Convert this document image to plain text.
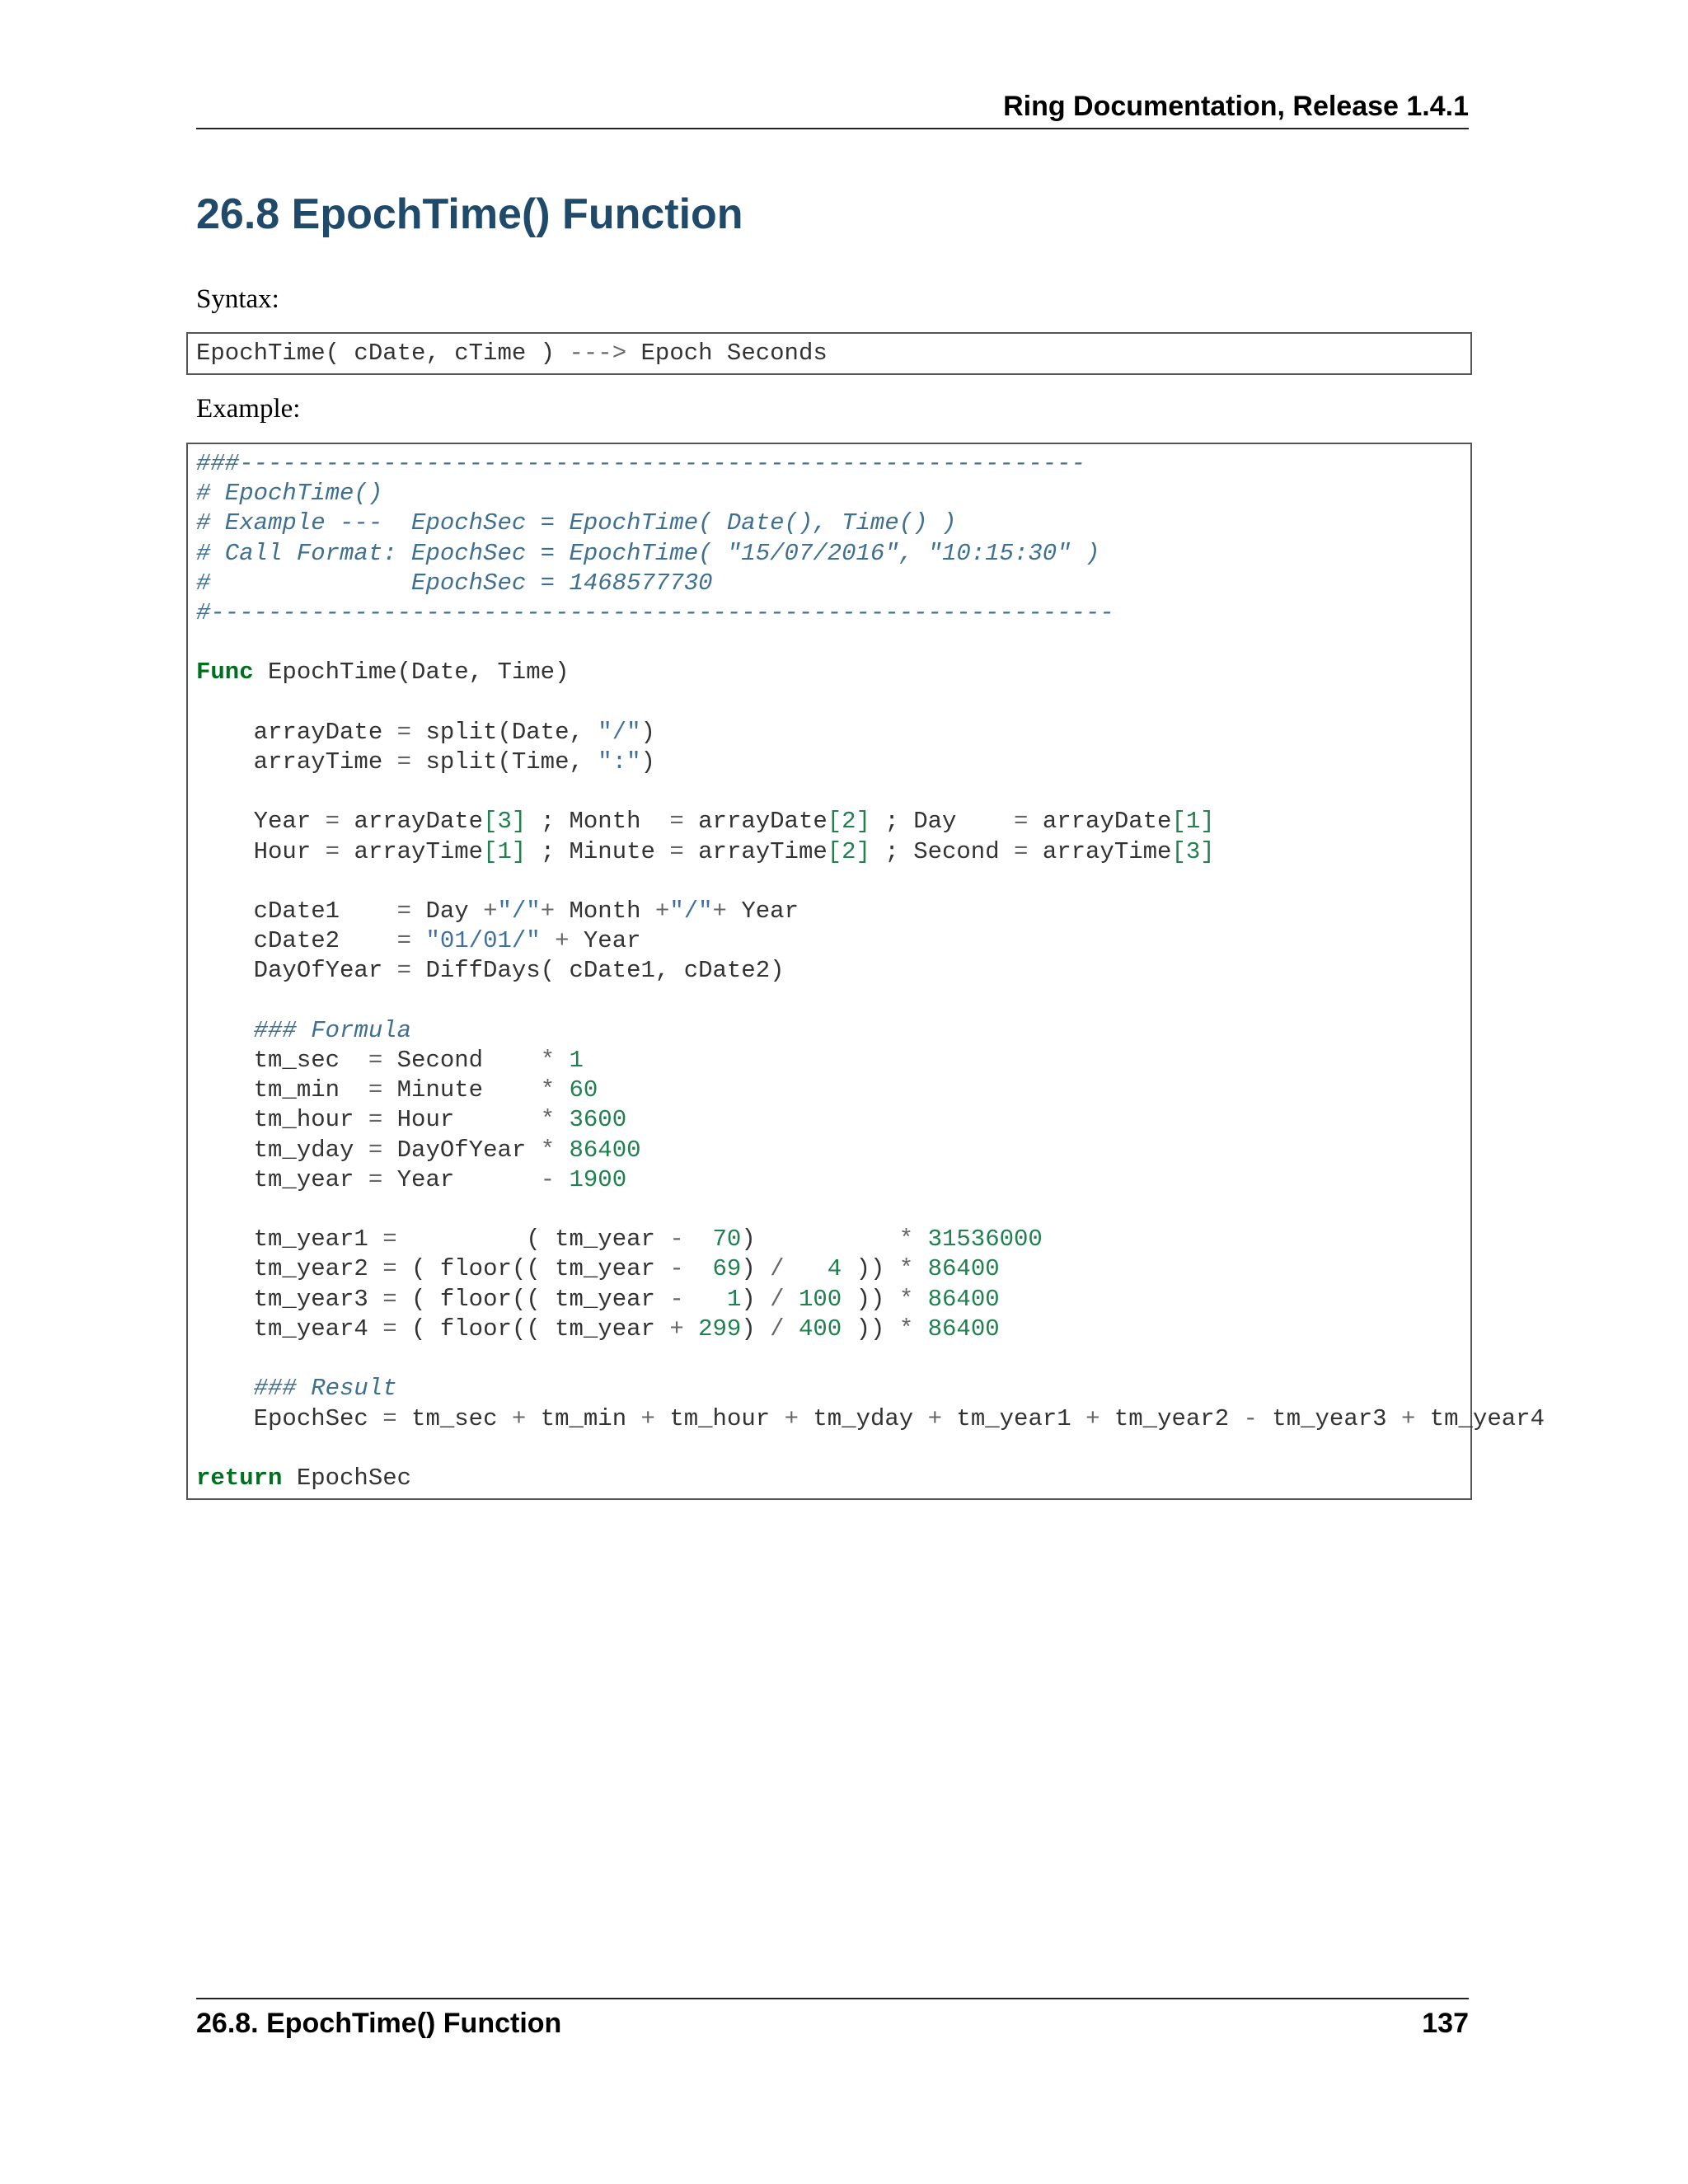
Ring Documentation, Release 1.4.1
26.8 EpochTime() Function
Syntax:
EpochTime( cDate, cTime ) ---> Epoch Seconds
Example:
###-----------------------------------------------------------
# EpochTime()
# Example ---  EpochSec = EpochTime( Date(), Time() )
# Call Format: EpochSec = EpochTime( "15/07/2016", "10:15:30" )
#              EpochSec = 1468577730
#---------------------------------------------------------------

Func EpochTime(Date, Time)

arrayDate = split(Date, "/")
arrayTime = split(Time, ":")

Year = arrayDate[3] ; Month  = arrayDate[2] ; Day    = arrayDate[1]
Hour = arrayTime[1] ; Minute = arrayTime[2] ; Second = arrayTime[3]

cDate1    = Day +"/"+ Month +"/"+ Year
cDate2    = "01/01/" + Year
DayOfYear = DiffDays( cDate1, cDate2)

### Formula
tm_sec  = Second    * 1
tm_min  = Minute    * 60
tm_hour = Hour      * 3600
tm_yday = DayOfYear * 86400
tm_year = Year      - 1900

tm_year1 =         ( tm_year - 70)          * 31536000
tm_year2 = ( floor(( tm_year - 69) / 4 )) * 86400
tm_year3 = ( floor(( tm_year - 1) / 100 )) * 86400
tm_year4 = ( floor(( tm_year + 299) / 400 )) * 86400

### Result
EpochSec = tm_sec + tm_min + tm_hour + tm_yday + tm_year1 + tm_year2 - tm_year3 + tm_year4

return EpochSec
26.8. EpochTime() Function	137
